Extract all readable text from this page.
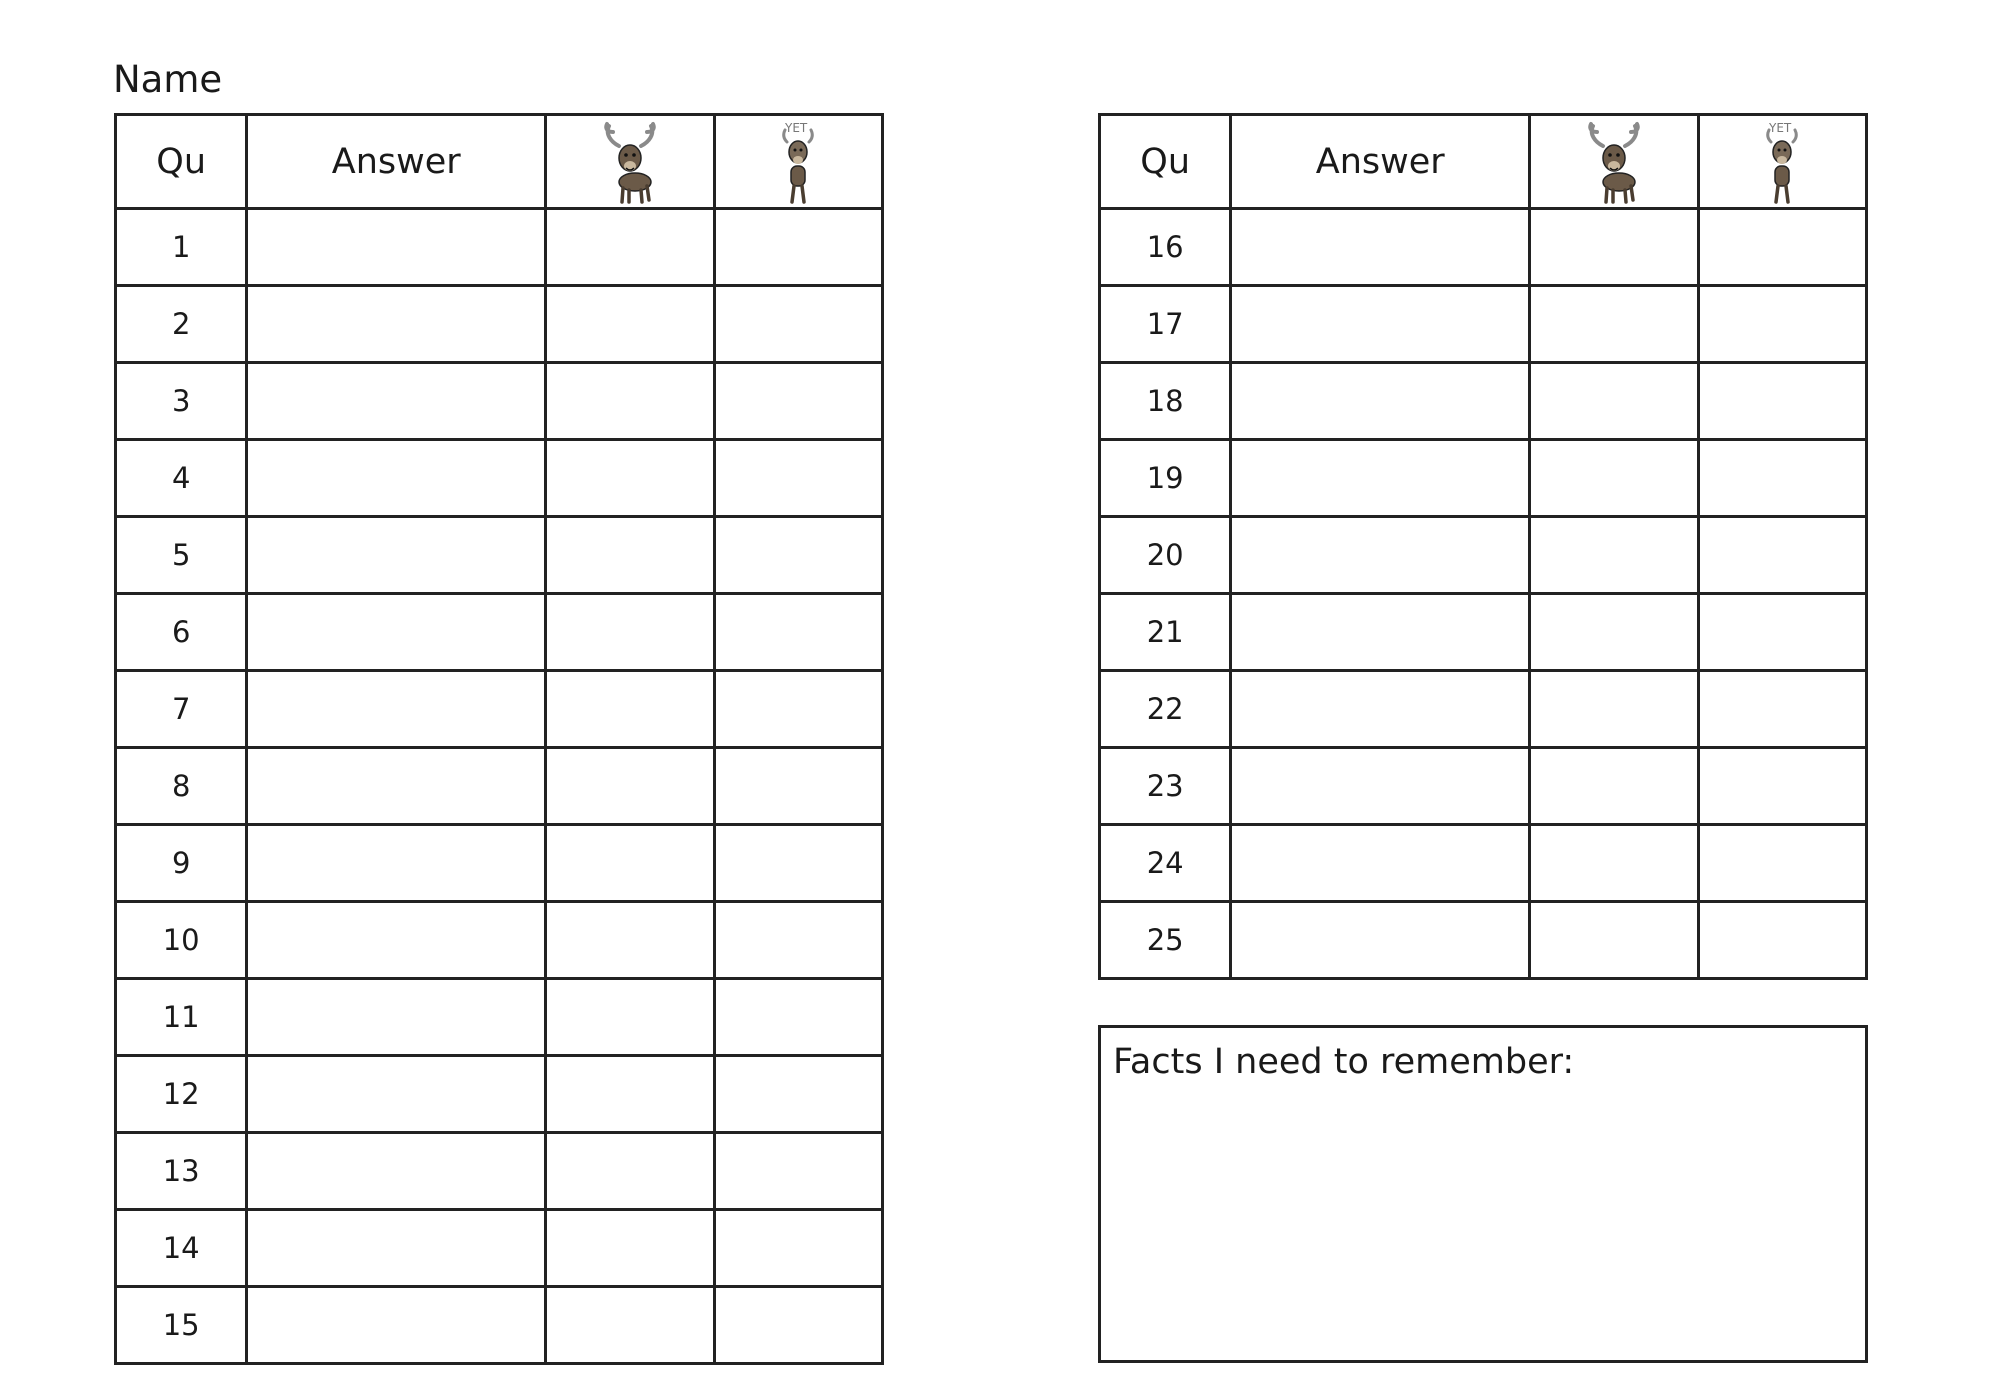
Name
Qu	Answer		YET

1			
2			
3			
4			
5			
6			
7			
8			
9			
10			
11			
12			
13			
14			
15			
Qu	Answer		YET

16			
17			
18			
19			
20			
21			
22			
23			
24			
25			
Facts I need to remember:
